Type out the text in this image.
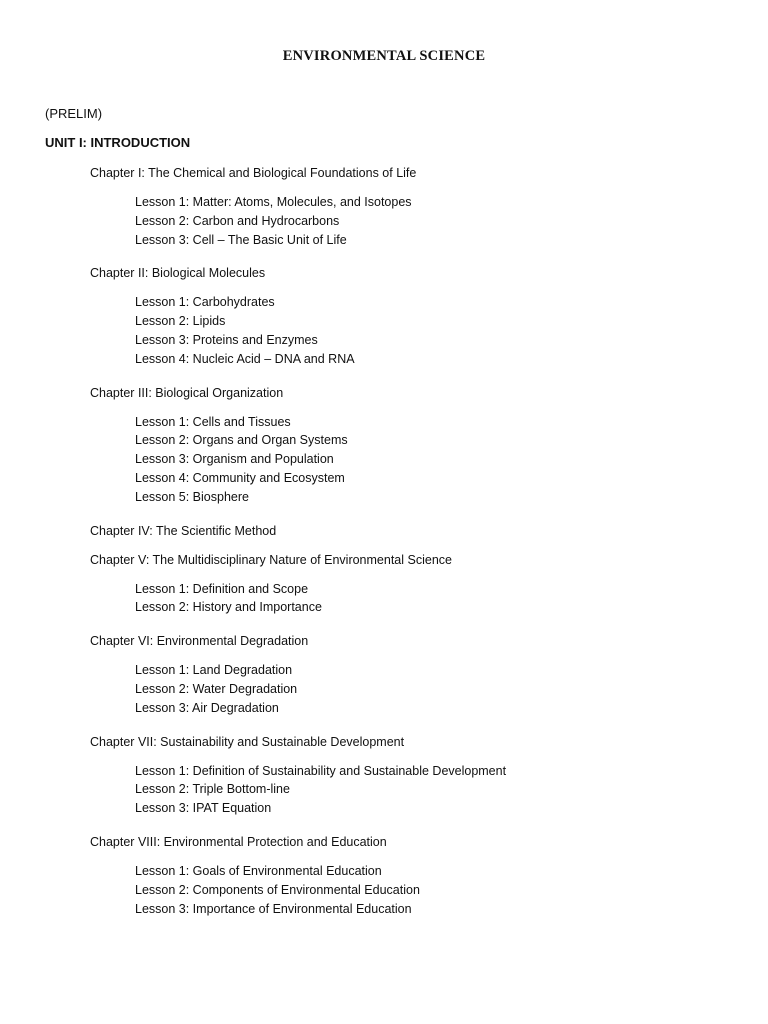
ENVIRONMENTAL SCIENCE
(PRELIM)
UNIT I: INTRODUCTION
Chapter I: The Chemical and Biological Foundations of Life
Lesson 1: Matter: Atoms, Molecules, and Isotopes
Lesson 2: Carbon and Hydrocarbons
Lesson 3: Cell – The Basic Unit of Life
Chapter II: Biological Molecules
Lesson 1: Carbohydrates
Lesson 2: Lipids
Lesson 3: Proteins and Enzymes
Lesson 4: Nucleic Acid – DNA and RNA
Chapter III: Biological Organization
Lesson 1: Cells and Tissues
Lesson 2: Organs and Organ Systems
Lesson 3: Organism and Population
Lesson 4: Community and Ecosystem
Lesson 5: Biosphere
Chapter IV: The Scientific Method
Chapter V: The Multidisciplinary Nature of Environmental Science
Lesson 1: Definition and Scope
Lesson 2: History and Importance
Chapter VI: Environmental Degradation
Lesson 1: Land Degradation
Lesson 2: Water Degradation
Lesson 3: Air Degradation
Chapter VII: Sustainability and Sustainable Development
Lesson 1: Definition of Sustainability and Sustainable Development
Lesson 2: Triple Bottom-line
Lesson 3: IPAT Equation
Chapter VIII: Environmental Protection and Education
Lesson 1: Goals of Environmental Education
Lesson 2: Components of Environmental Education
Lesson 3: Importance of Environmental Education
